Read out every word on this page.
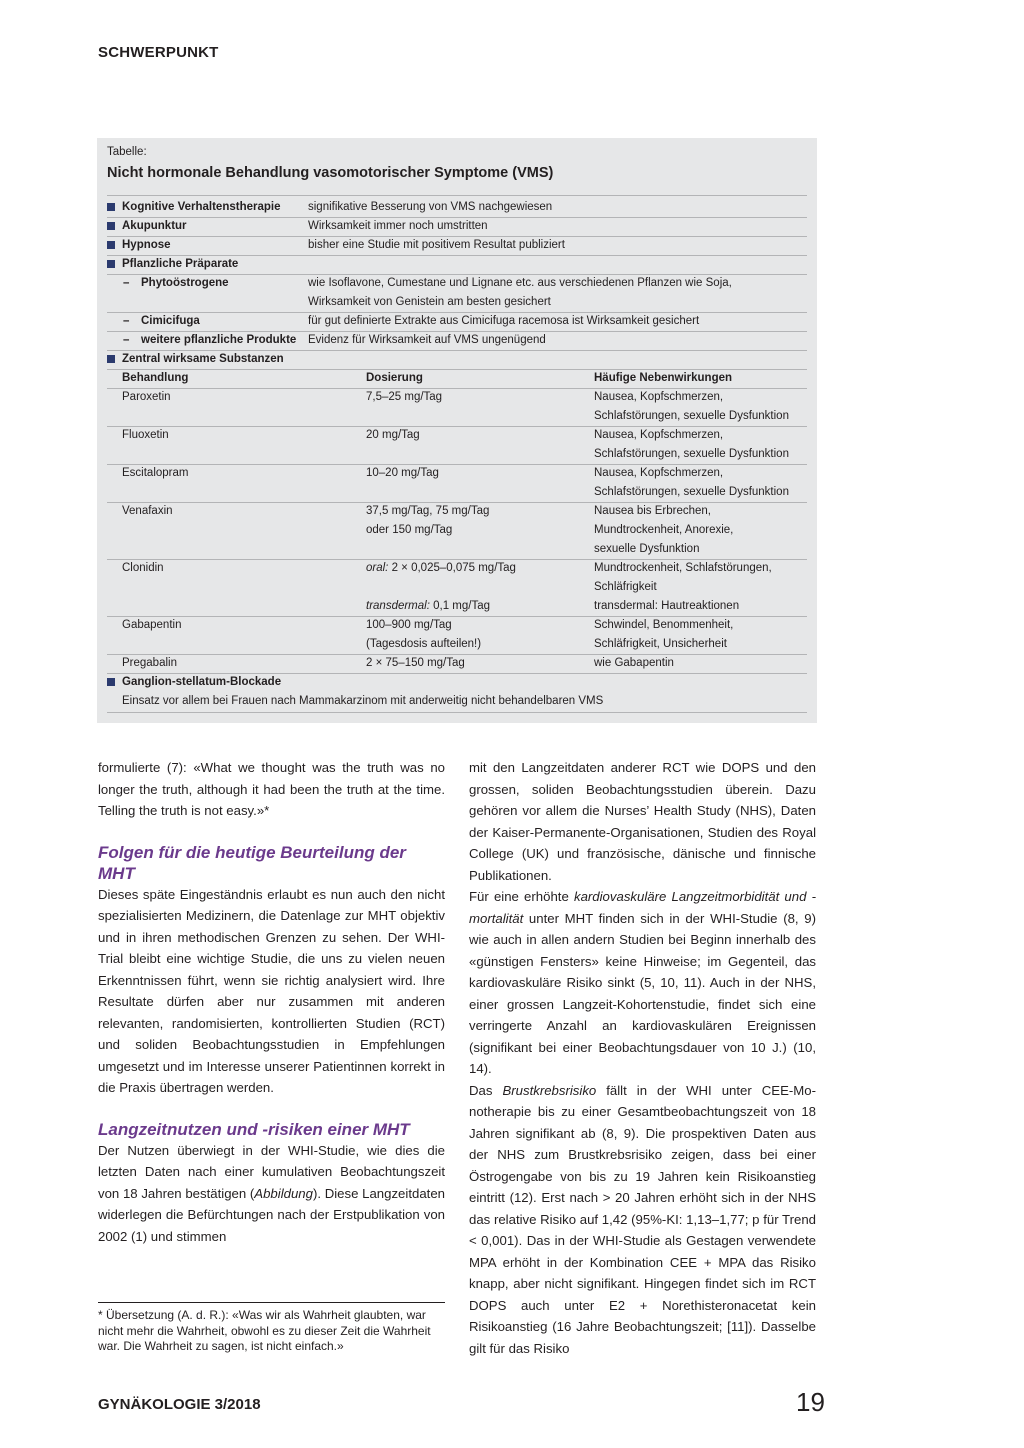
SCHWERPUNKT
Tabelle:
Nicht hormonale Behandlung vasomotorischer Symptome (VMS)
Kognitive Verhaltenstherapie signifikative Besserung von VMS nachgewiesen
Akupunktur	Wirksamkeit immer noch umstritten
Hypnose	bisher eine Studie mit positivem Resultat publiziert
Pflanzliche Präparate
– Phytoöstrogene	wie Isoflavone, Cumestane und Lignane etc. aus verschiedenen Pflanzen wie Soja,
Wirksamkeit von Genistein am besten gesichert
– Cimicifuga	für gut definierte Extrakte aus Cimicifuga racemosa ist Wirksamkeit gesichert
– weitere pflanzliche Produkte Evidenz für Wirksamkeit auf VMS ungenügend
Zentral wirksame Substanzen
Behandlung	Dosierung	Häufige Nebenwirkungen
Paroxetin	7,5–25 mg/Tag	Nausea, Kopfschmerzen,
Schlafstörungen, sexuelle Dysfunktion
Fluoxetin	20 mg/Tag	Nausea, Kopfschmerzen,
Schlafstörungen, sexuelle Dysfunktion
Escitalopram	10–20 mg/Tag	Nausea, Kopfschmerzen,
Schlafstörungen, sexuelle Dysfunktion
Venafaxin	37,5 mg/Tag, 75 mg/Tag	Nausea bis Erbrechen,
oder 150 mg/Tag	Mundtrockenheit, Anorexie,
sexuelle Dysfunktion
Clonidin	oral: 2 × 0,025–0,075 mg/Tag	Mundtrockenheit, Schlafstörungen,
Schläfrigkeit
transdermal: 0,1 mg/Tag	transdermal: Hautreaktionen
Gabapentin	100–900 mg/Tag	Schwindel, Benommenheit,
(Tagesdosis aufteilen!)	Schläfrigkeit, Unsicherheit
Pregabalin	2 × 75–150 mg/Tag	wie Gabapentin
Ganglion-stellatum-Blockade
Einsatz vor allem bei Frauen nach Mammakarzinom mit anderweitig nicht behandelbaren VMS

formulierte (7): «What we thought was the truth was no longer the truth, although it had been the truth at the time. Telling the truth is not easy.»*

Folgen für die heutige Beurteilung der MHT

Dieses späte Eingeständnis erlaubt es nun auch den nicht spezialisierten Medizinern, die Datenlage zur MHT objektiv und in ihren methodischen Grenzen zu sehen. Der WHI-Trial bleibt eine wichtige Studie, die uns zu vielen neuen Erkenntnissen führt, wenn sie richtig analysiert wird. Ihre Resultate dürfen aber nur zusammen mit anderen relevanten, randomisierten, kontrollierten Studien (RCT) und soliden Beobachtungsstudien in Empfehlungen umgesetzt und im Interesse unserer Patientinnen korrekt in die Praxis übertragen werden.

Langzeitnutzen und -risiken einer MHT

Der Nutzen überwiegt in der WHI-Studie, wie dies die letzten Daten nach einer kumulativen Beobachtungszeit von 18 Jahren bestätigen (Abbildung). Diese Langzeitdaten widerlegen die Befürchtungen nach der Erstpublikation von 2002 (1) und stimmen

* Übersetzung (A. d. R.): «Was wir als Wahrheit glaubten, war nicht mehr die Wahrheit, obwohl es zu dieser Zeit die Wahrheit war. Die Wahrheit zu sagen, ist nicht einfach.»

mit den Langzeitdaten anderer RCT wie DOPS und den grossen, soliden Beobachtungsstudien überein. Dazu gehören vor allem die Nurses’ Health Study (NHS), Daten der Kaiser-Permanente-Organisationen, Studien des Royal College (UK) und französische, dänische und finnische Publikationen.

Für eine erhöhte kardiovaskuläre Langzeitmorbidität und -mortalität unter MHT finden sich in der WHI-Studie (8, 9) wie auch in allen andern Studien bei Beginn innerhalb des «günstigen Fensters» keine Hinweise; im Gegenteil, das kardiovaskuläre Risiko sinkt (5, 10, 11). Auch in der NHS, einer grossen Langzeit-Kohortenstudie, findet sich eine verringerte Anzahl an kardiovaskulären Ereignissen (signifikant bei einer Beobachtungsdauer von 10 J.) (10, 14).

Das Brustkrebsrisiko fällt in der WHI unter CEE-Monotherapie bis zu einer Gesamtbeobachtungszeit von 18 Jahren signifikant ab (8, 9). Die prospektiven Daten aus der NHS zum Brustkrebsrisiko zeigen, dass bei einer Östrogengabe von bis zu 19 Jahren kein Risikoanstieg eintritt (12). Erst nach > 20 Jahren erhöht sich in der NHS das relative Risiko auf 1,42 (95%-KI: 1,13–1,77; p für Trend < 0,001). Das in der WHI-Studie als Gestagen verwendete MPA erhöht in der Kombination CEE + MPA das Risiko knapp, aber nicht signifikant. Hingegen findet sich im RCT DOPS auch unter E2 + Norethisteronacetat kein Risikoanstieg (16 Jahre Beobachtungszeit; [11]). Dasselbe gilt für das Risiko

GYNÄKOLOGIE 3/2018	19
